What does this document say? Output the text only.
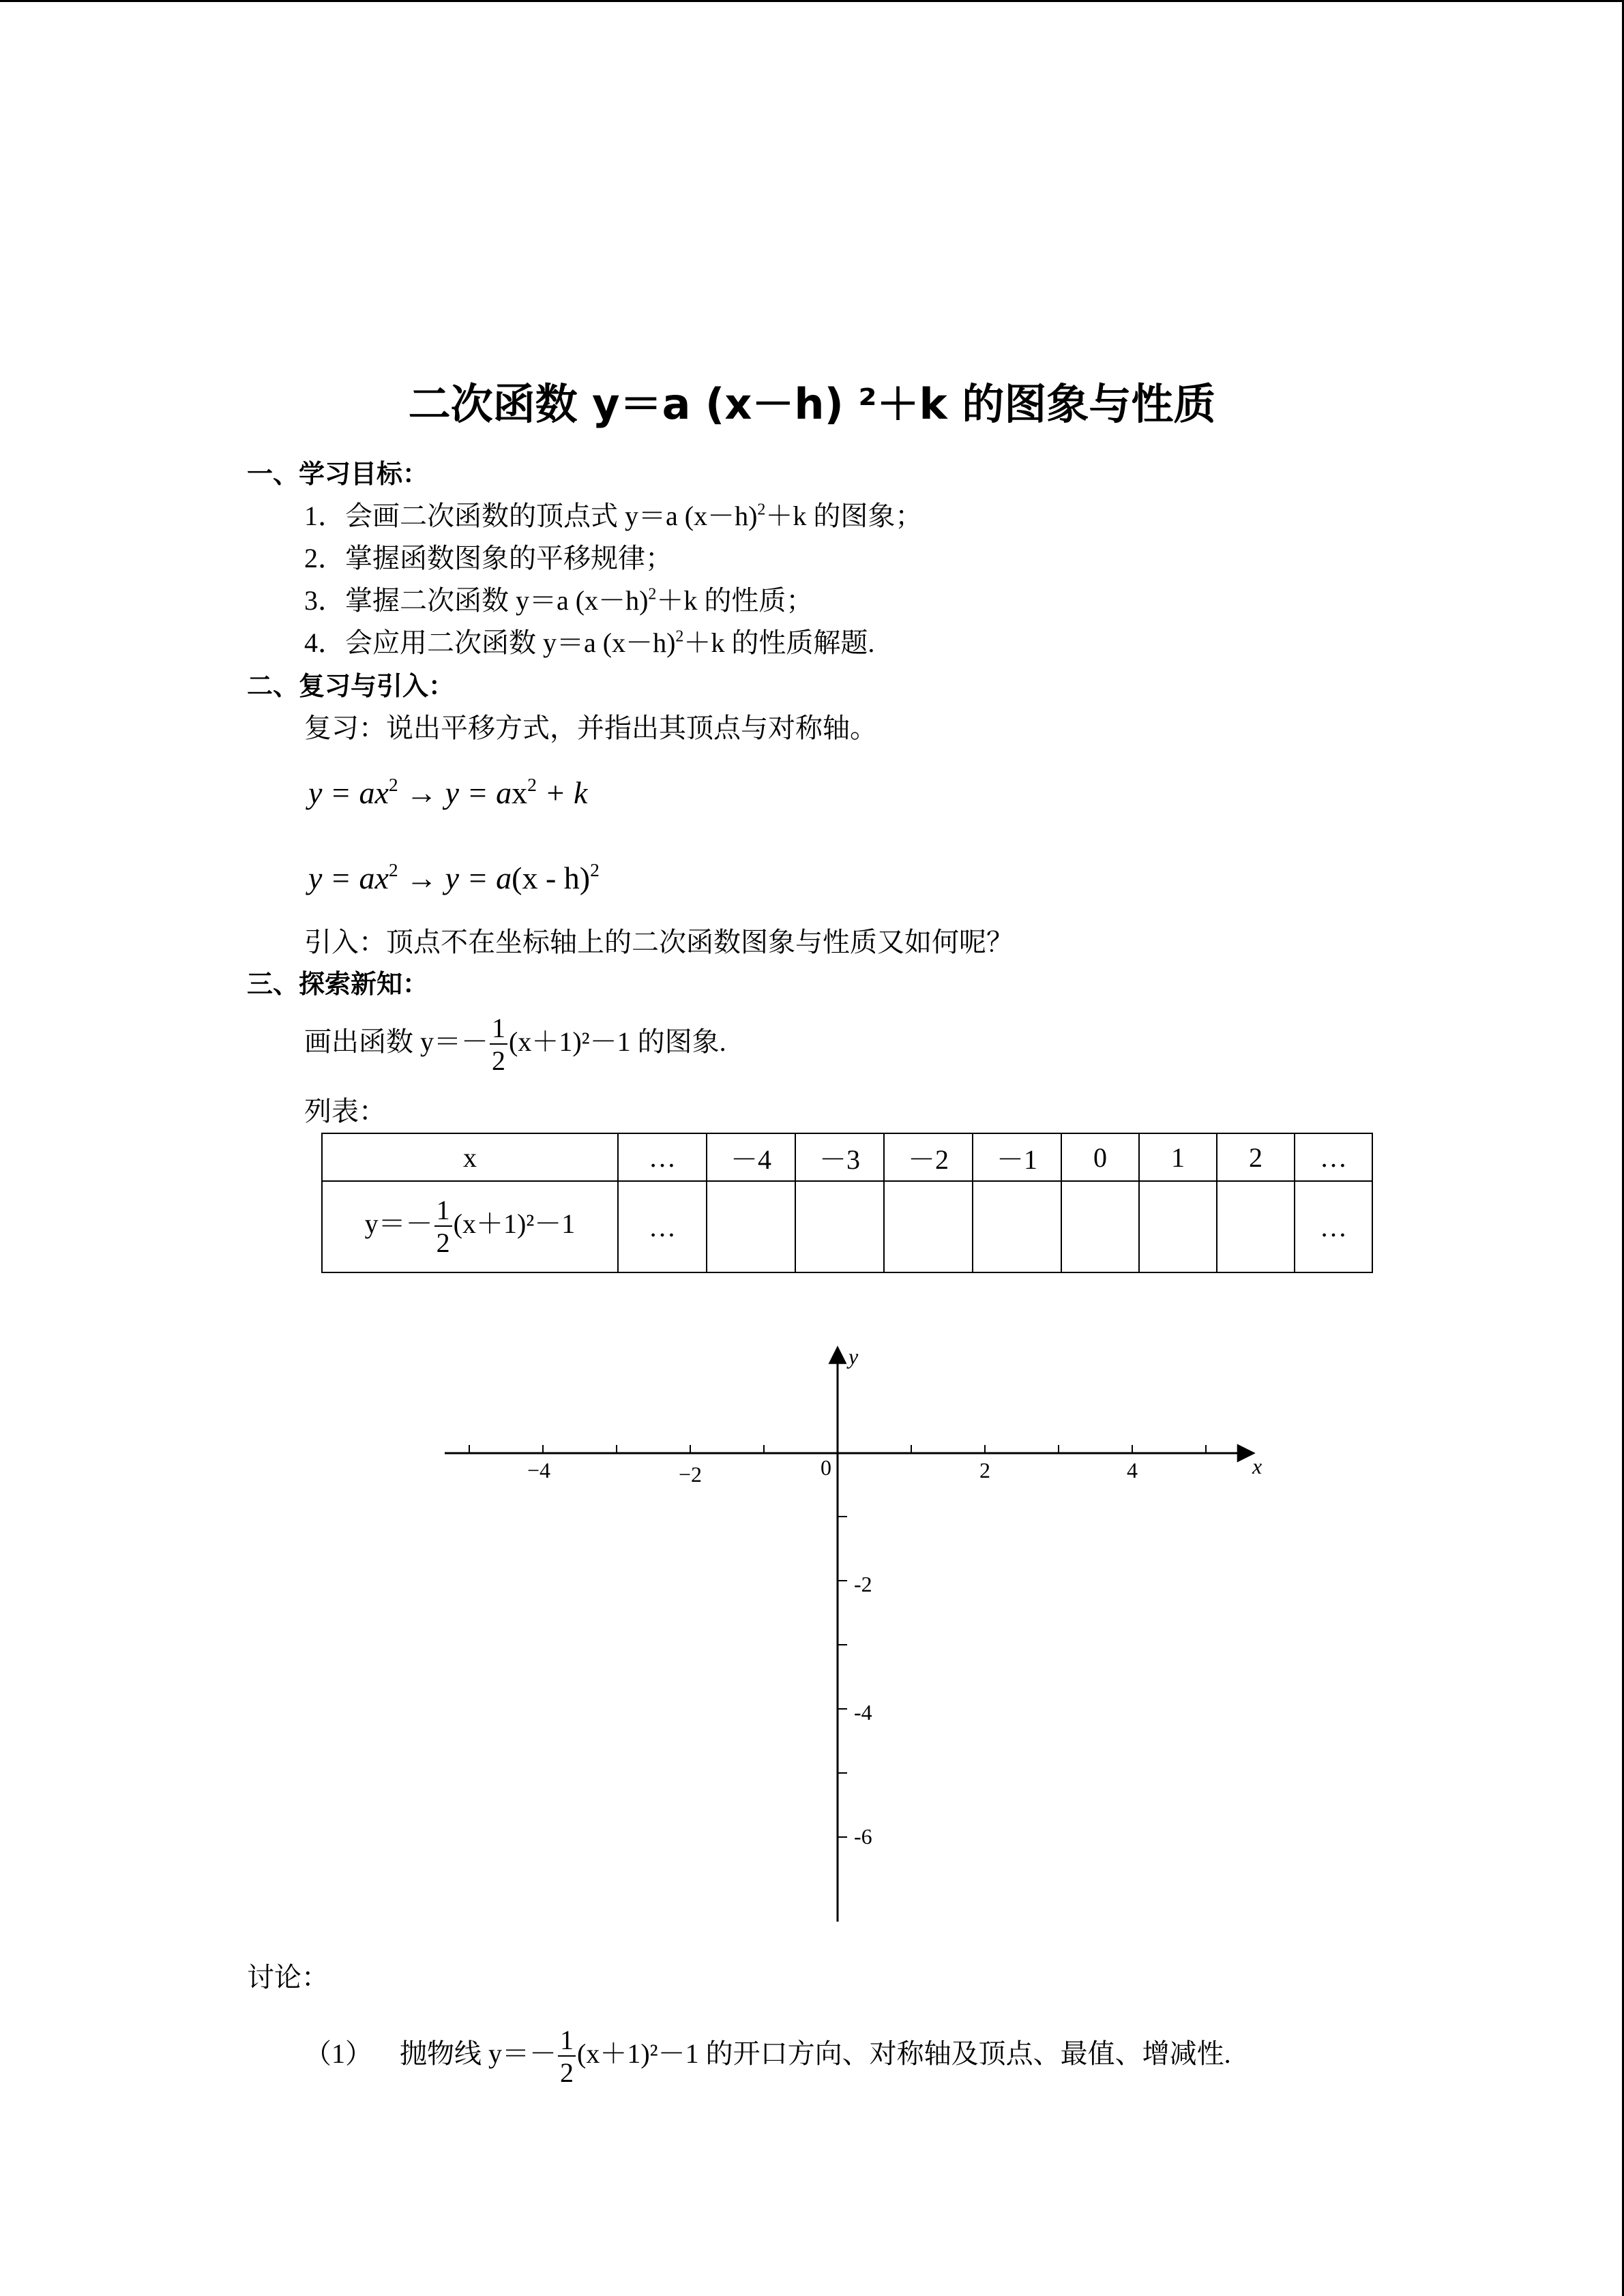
二次函数 y＝a (x－h) ²＋k 的图象与性质
一、学习目标：
1．会画二次函数的顶点式 y＝a $(x-h)^2+k$ 的图象；
2．掌握函数图象的平移规律；
3．掌握二次函数 y＝a $(x-h)^2+k$ 的性质；
4．会应用二次函数 y＝a $(x-h)^2+k$ 的性质解题.
二、复习与引入：
复习：说出平移方式，并指出其顶点与对称轴。
$y = ax^2 \to y = ax^2 + k$
$y = ax^2 \to y = a(x - h)^2$
引入：顶点不在坐标轴上的二次函数图象与性质又如何呢？
三、探索新知：
画出函数 $y=- \frac{1}{2} (x+1)^2-1$ 的图象.
列表：
x	…	－4	－3	－2	－1	0	1	2	…
$y=- \frac{1}{2} (x+1)^2-1$	…								…
−4	−2	2	4
0
-2
-4
-6
x
y
讨论：
（1） 抛物线 $y=- \frac{1}{2} (x+1)^2-1$ 的开口方向、对称轴及顶点、最值、增减性.
